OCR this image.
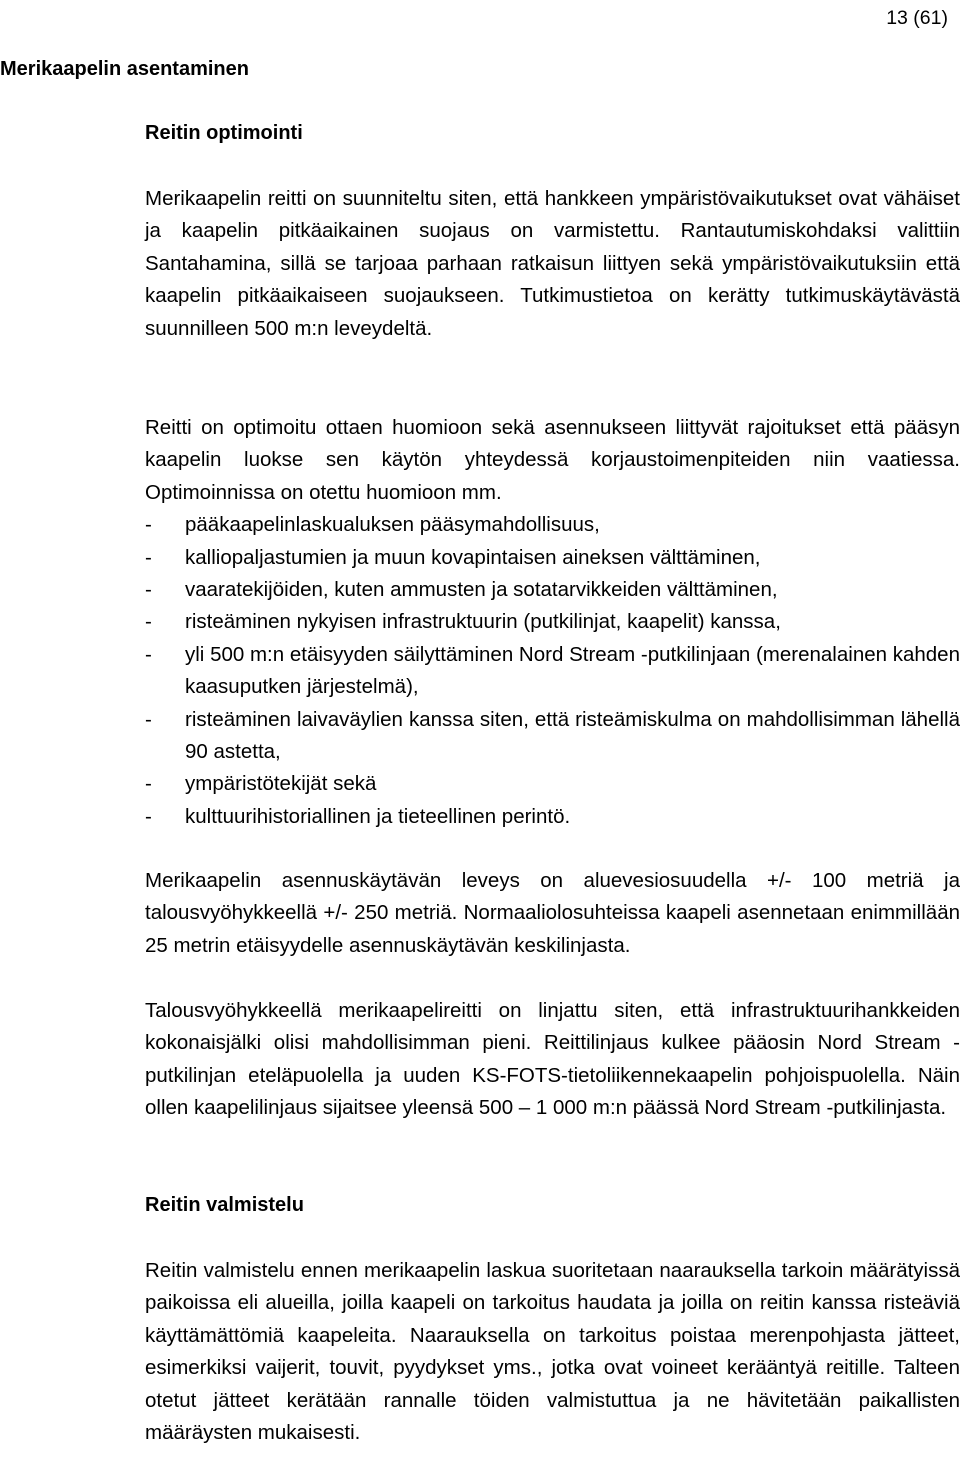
13 (61)
Merikaapelin asentaminen
Reitin optimointi

Merikaapelin reitti on suunniteltu siten, että hankkeen ympäristövaikutukset ovat vähäiset ja kaapelin pitkäaikainen suojaus on varmistettu. Rantautumiskohdaksi valittiin Santahamina, sillä se tarjoaa parhaan ratkaisun liittyen sekä ympäristövaikutuksiin että kaapelin pitkäaikaiseen suojaukseen. Tutkimustietoa on kerätty tutkimuskäytävästä suunnilleen 500 m:n leveydeltä.

Reitti on optimoitu ottaen huomioon sekä asennukseen liittyvät rajoitukset että pääsyn kaapelin luokse sen käytön yhteydessä korjaustoimenpiteiden niin vaatiessa. Optimoinnissa on otettu huomioon mm.

- pääkaapelinlaskualuksen pääsymahdollisuus,
- kalliopaljastumien ja muun kovapintaisen aineksen välttäminen,
- vaaratekijöiden, kuten ammusten ja sotatarvikkeiden välttäminen,
- risteäminen nykyisen infrastruktuurin (putkilinjat, kaapelit) kanssa,
- yli 500 m:n etäisyyden säilyttäminen Nord Stream -putkilinjaan (merenalainen kahden kaasuputken järjestelmä),
- risteäminen laivaväylien kanssa siten, että risteämiskulma on mahdollisimman lähellä 90 astetta,
- ympäristötekijät sekä
- kulttuurihistoriallinen ja tieteellinen perintö.

Merikaapelin asennuskäytävän leveys on aluevesiosuudella +/- 100 metriä ja talousvyöhykkeellä +/- 250 metriä. Normaaliolosuhteissa kaapeli asennetaan enimmillään 25 metrin etäisyydelle asennuskäytävän keskilinjasta.

Talousvyöhykkeellä merikaapelireitti on linjattu siten, että infrastruktuurihankkeiden kokonaisjälki olisi mahdollisimman pieni. Reittilinjaus kulkee pääosin Nord Stream -putkilinjan eteläpuolella ja uuden KS-FOTS-tietoliikennekaapelin pohjoispuolella. Näin ollen kaapelilinjaus sijaitsee yleensä 500 – 1 000 m:n päässä Nord Stream -putkilinjasta.

Reitin valmistelu

Reitin valmistelu ennen merikaapelin laskua suoritetaan naarauksella tarkoin määrätyissä paikoissa eli alueilla, joilla kaapeli on tarkoitus haudata ja joilla on reitin kanssa risteäviä käyttämättömiä kaapeleita. Naarauksella on tarkoitus poistaa merenpohjasta jätteet, esimerkiksi vaijerit, touvit, pyydykset yms., jotka ovat voineet kerääntyä reitille. Talteen otetut jätteet kerätään rannalle töiden valmistuttua ja ne hävitetään paikallisten määräysten mukaisesti.
